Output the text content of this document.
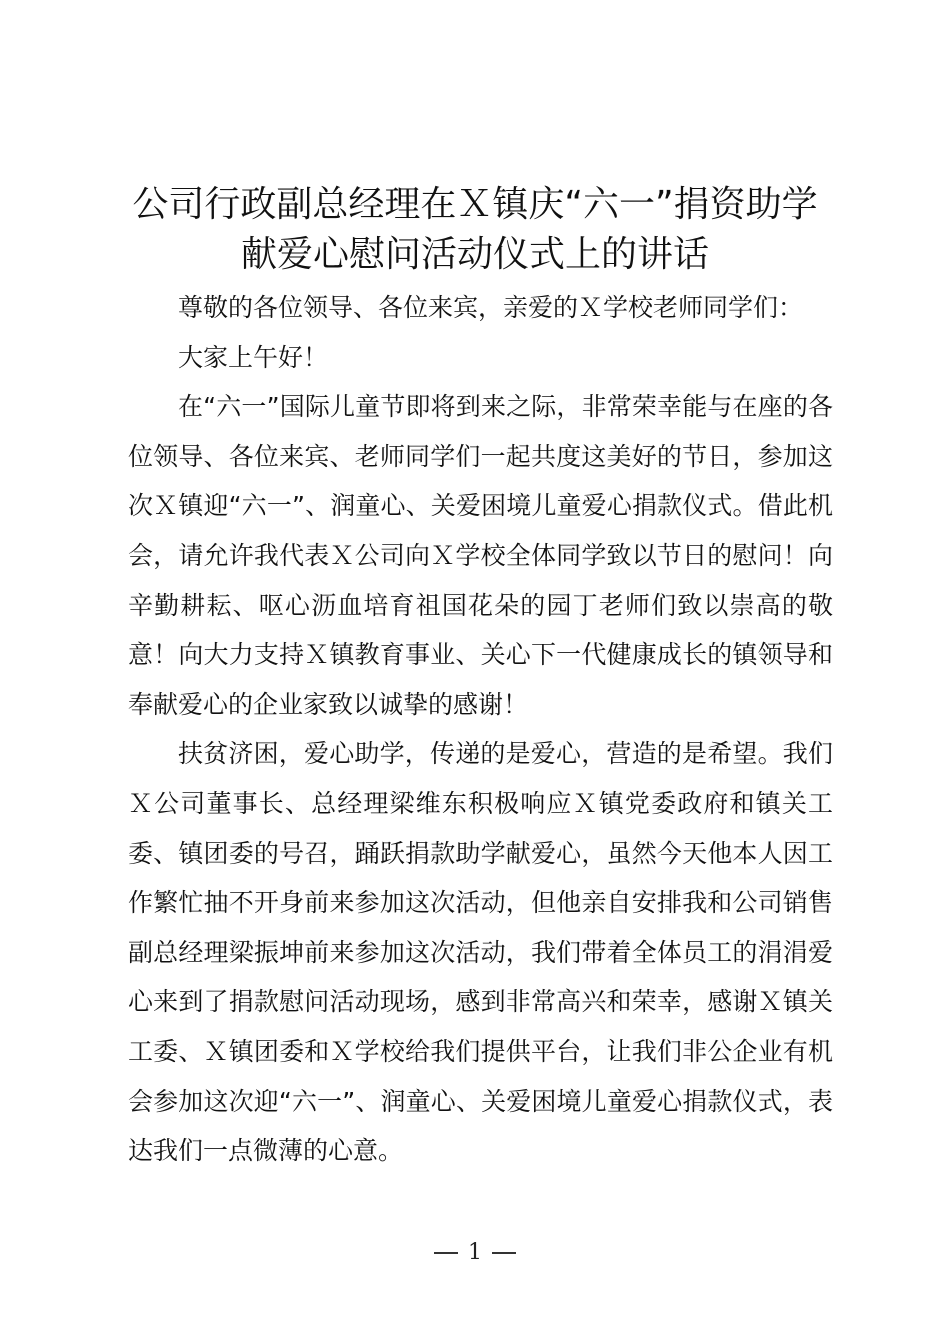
公司行政副总经理在Ｘ镇庆“六一”捐资助学
献爱心慰问活动仪式上的讲话

尊敬的各位领导、各位来宾，亲爱的Ｘ学校老师同学们：

大家上午好！

在“六一”国际儿童节即将到来之际，非常荣幸能与在座的各位领导、各位来宾、老师同学们一起共度这美好的节日，参加这次Ｘ镇迎“六一”、润童心、关爱困境儿童爱心捐款仪式。借此机会，请允许我代表Ｘ公司向Ｘ学校全体同学致以节日的慰问！向辛勤耕耘、呕心沥血培育祖国花朵的园丁老师们致以崇高的敬意！向大力支持Ｘ镇教育事业、关心下一代健康成长的镇领导和奉献爱心的企业家致以诚挚的感谢！

扶贫济困，爱心助学，传递的是爱心，营造的是希望。我们Ｘ公司董事长、总经理梁维东积极响应Ｘ镇党委政府和镇关工委、镇团委的号召，踊跃捐款助学献爱心，虽然今天他本人因工作繁忙抽不开身前来参加这次活动，但他亲自安排我和公司销售副总经理梁振坤前来参加这次活动，我们带着全体员工的涓涓爱心来到了捐款慰问活动现场，感到非常高兴和荣幸，感谢Ｘ镇关工委、Ｘ镇团委和Ｘ学校给我们提供平台，让我们非公企业有机会参加这次迎“六一”、润童心、关爱困境儿童爱心捐款仪式，表达我们一点微薄的心意。

1
